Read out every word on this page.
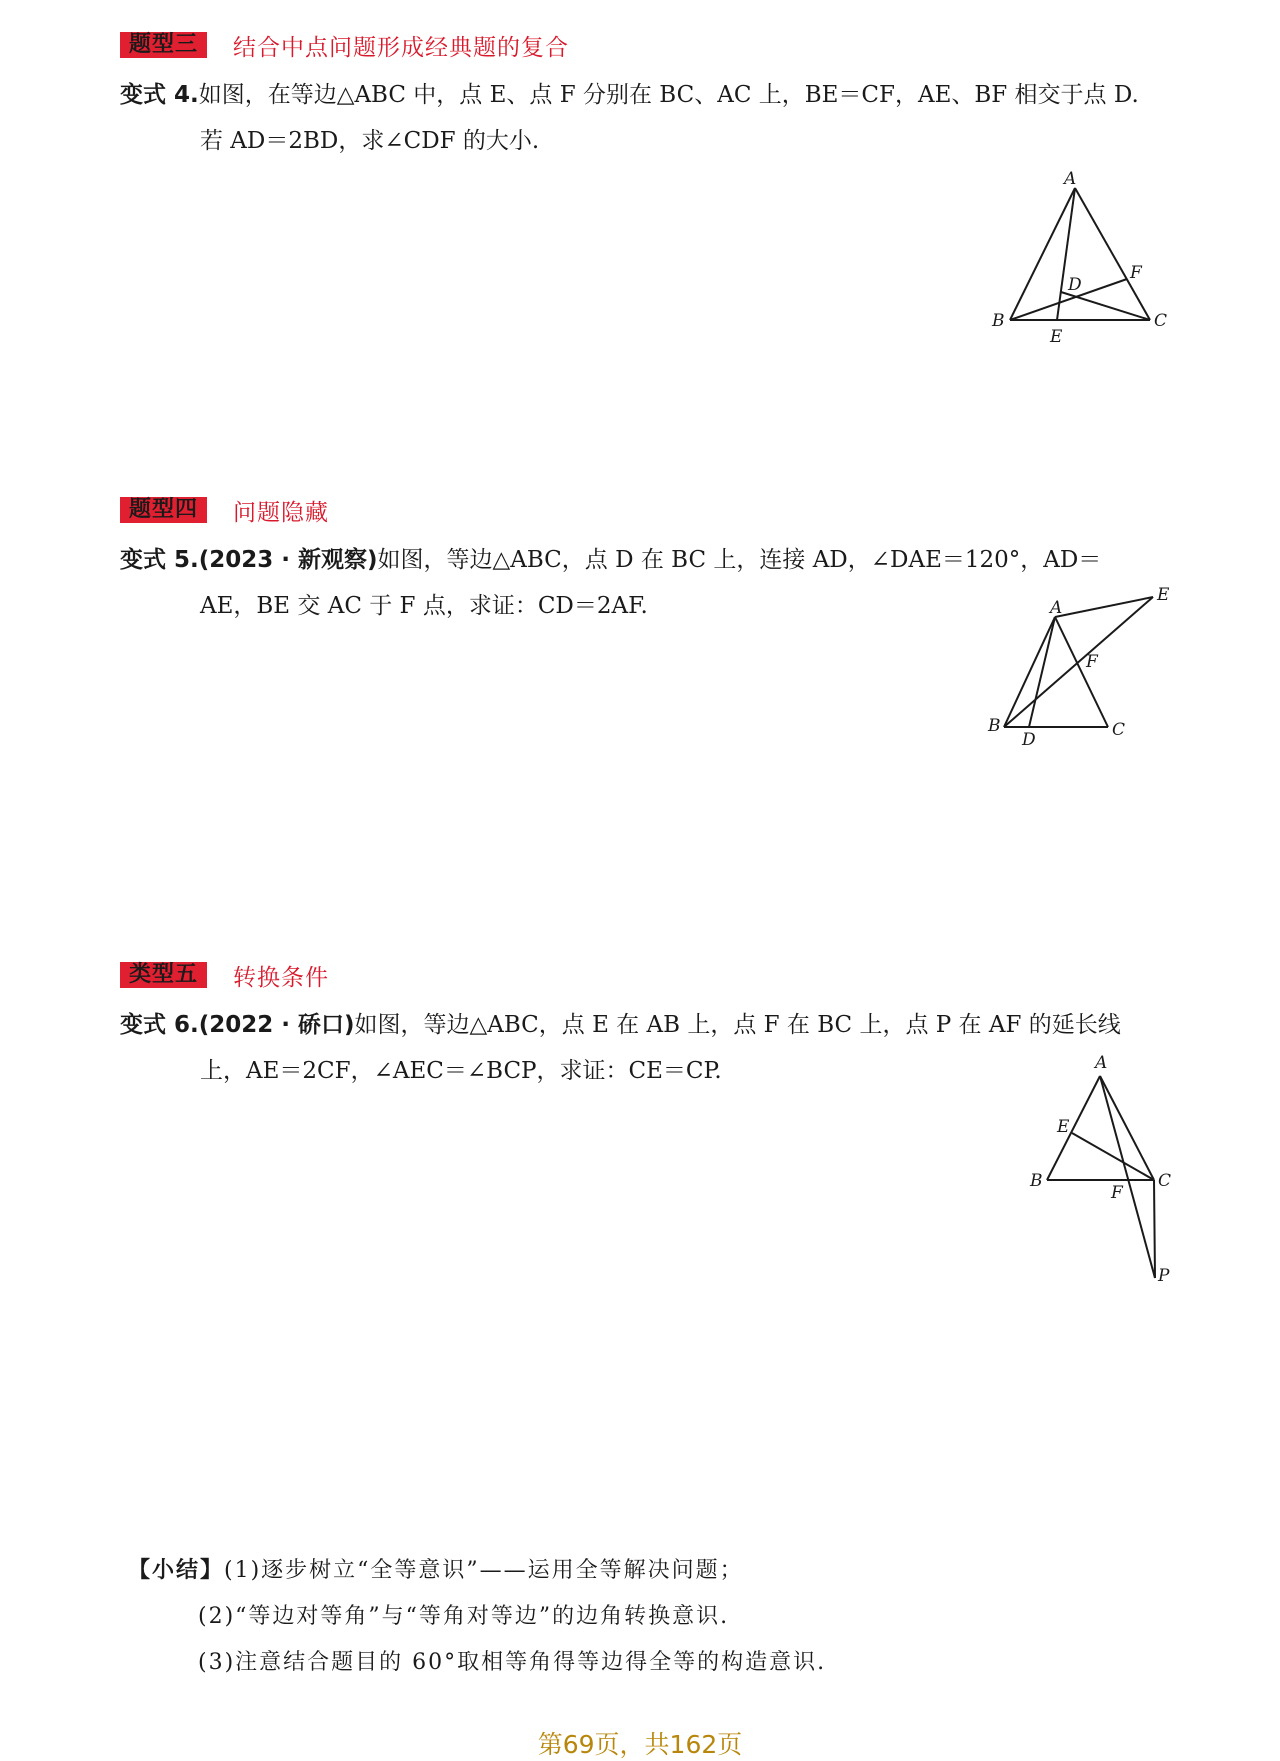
题型三	结合中点问题形成经典题的复合
变式 4.如图，在等边△ABC 中，点 E、点 F 分别在 BC、AC 上，BE＝CF，AE、BF 相交于点 D.
若 AD＝2BD，求∠CDF 的大小.
A
B	C
D
E
F
题型四	问题隐藏
变式 5.(2023 · 新观察)如图，等边△ABC，点 D 在 BC 上，连接 AD，∠DAE＝120°，AD＝
AE，BE 交 AC 于 F 点，求证：CD＝2AF.	A
B	C
D
E
F
类型五	转换条件
变式 6.(2022 · 硚口)如图，等边△ABC，点 E 在 AB 上，点 F 在 BC 上，点 P 在 AF 的延长线
上，AE＝2CF，∠AEC＝∠BCP，求证：CE＝CP.	A
B	C
E
F
P
【小结】(1)逐步树立“全等意识”——运用全等解决问题；
(2)“等边对等角”与“等角对等边”的边角转换意识.
(3)注意结合题目的 60°取相等角得等边得全等的构造意识.
第69页，共162页
